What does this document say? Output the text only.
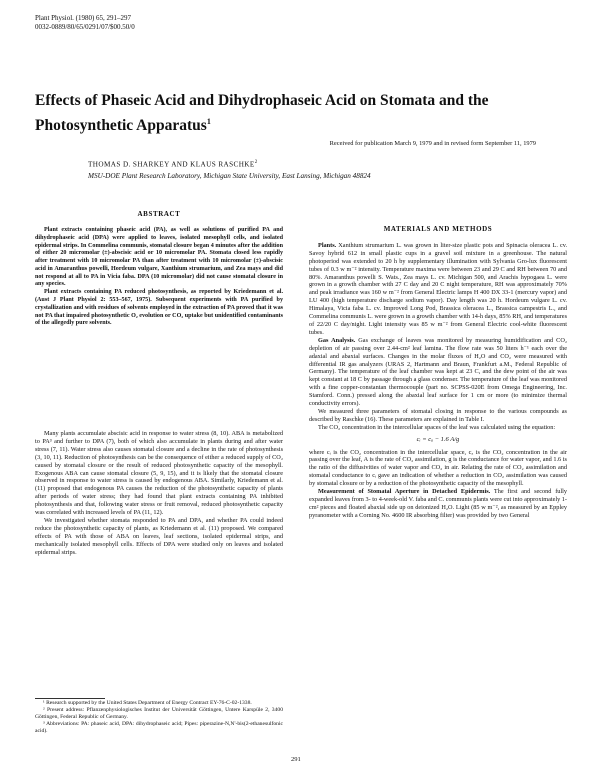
Plant Physiol. (1980) 65, 291–297
0032-0889/80/65/0291/07/$00.50/0
Effects of Phaseic Acid and Dihydrophaseic Acid on Stomata and the Photosynthetic Apparatus$^1$
Received for publication March 9, 1979 and in revised form September 11, 1979
THOMAS D. SHARKEY AND KLAUS RASCHKE$^2$
MSU-DOE Plant Research Laboratory, Michigan State University, East Lansing, Michigan 48824
ABSTRACT

Plant extracts containing phaseic acid (PA), as well as solutions of purified PA and dihydrophaseic acid (DPA) were applied to leaves, isolated mesophyll cells, and isolated epidermal strips. In Commelina communis, stomatal closure began 4 minutes after the addition of either 20 micromolar (±)-abscisic acid or 10 micromolar PA. Stomata closed less rapidly after treatment with 10 micromolar PA than after treatment with 10 micromolar (±)-abscisic acid in Amaranthus powelli, Hordeum vulgare, Xanthium strumarium, and Zea mays and did not respond at all to PA in Vicia faba. DPA (10 micromolar) did not cause stomatal closure in any species.

Plant extracts containing PA reduced photosynthesis, as reported by Kriedemann et al. (Aust J Plant Physiol 2: 553–567, 1975). Subsequent experiments with PA purified by crystallization and with residues of solvents employed in the extraction of PA proved that it was not PA that impaired photosynthetic O₂ evolution or CO₂ uptake but unidentified contaminants of the allegedly pure solvents.

Many plants accumulate abscisic acid in response to water stress (8, 10). ABA is metabolized to PA³ and further to DPA (7), both of which also accumulate in plants during and after water stress (7, 11). Water stress also causes stomatal closure and a decline in the rate of photosynthesis (3, 10, 11). Reduction of photosynthesis can be the consequence of either a reduced supply of CO₂ caused by stomatal closure or the result of reduced photosynthetic capacity of the mesophyll. Exogenous ABA can cause stomatal closure (5, 9, 15), and it is likely that the stomatal closure observed in response to water stress is caused by endogenous ABA. Similarly, Kriedemann et al. (11) proposed that endogenous PA causes the reduction of the photosynthetic capacity of plants after periods of water stress; they had found that plant extracts containing PA inhibited photosynthesis and that, following water stress or fruit removal, reduced photosynthetic capacity was correlated with increased levels of PA (11, 12).

We investigated whether stomata responded to PA and DPA, and whether PA could indeed reduce the photosynthetic capacity of plants, as Kriedemann et al. (11) proposed. We compared effects of PA with those of ABA on leaves, leaf sections, isolated epidermal strips, and mechanically isolated mesophyll cells. Effects of DPA were studied only on leaves and isolated epidermal strips.

¹ Research supported by the United States Department of Energy Contract EY-76-C-02-1338.

² Present address: Pflanzenphysiologisches Institut der Universität Göttingen, Untere Karspüle 2, 3400 Göttingen, Federal Republic of Germany.

³ Abbreviations: PA: phaseic acid, DPA: dihydrophaseic acid; Pipes: piperazine-N,N'-bis(2-ethanesulfonic acid).

MATERIALS AND METHODS

Plants. Xanthium strumarium L. was grown in liter-size plastic pots and Spinacia oleracea L. cv. Savoy hybrid 612 in small plastic cups in a gravel soil mixture in a greenhouse. The natural photoperiod was extended to 20 h by supplementary illumination with Sylvania Gro-lux fluorescent tubes of 0.3 w m⁻² intensity. Temperature maxima were between 23 and 29 C and RH between 70 and 80%. Amaranthus powelli S. Wats., Zea mays L. cv. Michigan 500, and Arachis hypogaea L. were grown in a growth chamber with 27 C day and 20 C night temperature, RH was approximately 70% and peak irradiance was 160 w m⁻² from General Electric lamps H 400 DX 33-1 (mercury vapor) and LU 400 (high temperature discharge sodium vapor). Day length was 20 h. Hordeum vulgare L. cv. Himalaya, Vicia faba L. cv. Improved Long Pod, Brassica oleracea L., Brassica campestris L., and Commelina communis L. were grown in a growth chamber with 14-h days, 85% RH, and temperatures of 22/20 C day/night. Light intensity was 85 w m⁻² from General Electric cool-white fluorescent tubes.

Gas Analysis. Gas exchange of leaves was monitored by measuring humidification and CO₂ depletion of air passing over 2.44-cm² leaf lamina. The flow rate was 50 liters h⁻¹ each over the adaxial and abaxial surfaces. Changes in the molar fluxes of H₂O and CO₂ were measured with differential IR gas analyzers (URAS 2, Hartmann and Braun, Frankfurt a.M., Federal Republic of Germany). The temperature of the leaf chamber was kept at 23 C, and the dew point of the air was kept constant at 18 C by passage through a glass condenser. The temperature of the leaf was monitored with a fine copper-constantan thermocouple (part no. SCPSS-020E from Omega Engineering, Inc. Stamford. Conn.) pressed along the abaxial leaf surface for 1 cm or more (to minimize thermal conductivity errors).

We measured three parameters of stomatal closing in response to the various compounds as described by Raschke (16). These parameters are explained in Table I.

The CO₂ concentration in the intercellular spaces of the leaf was calculated using the equation:

cᵢ = cₐ − 1.6 A/g

where cᵢ is the CO₂ concentration in the intercellular space, cₐ is the CO₂ concentration in the air passing over the leaf, A is the rate of CO₂ assimilation, g is the conductance for water vapor, and 1.6 is the ratio of the diffusivities of water vapor and CO₂ in air. Relating the rate of CO₂ assimilation and stomatal conductance to cᵢ gave an indication of whether a reduction in CO₂ assimilation was caused by stomatal closure or by a reduction of the photosynthetic capacity of the mesophyll.

Measurement of Stomatal Aperture in Detached Epidermis. The first and second fully expanded leaves from 3- to 4-week-old V. faba and C. communis plants were cut into approximately 1-cm² pieces and floated abaxial side up on deionized H₂O. Light (85 w m⁻², as measured by an Eppley pyranometer with a Corning No. 4600 IR absorbing filter) was provided by two General

291
